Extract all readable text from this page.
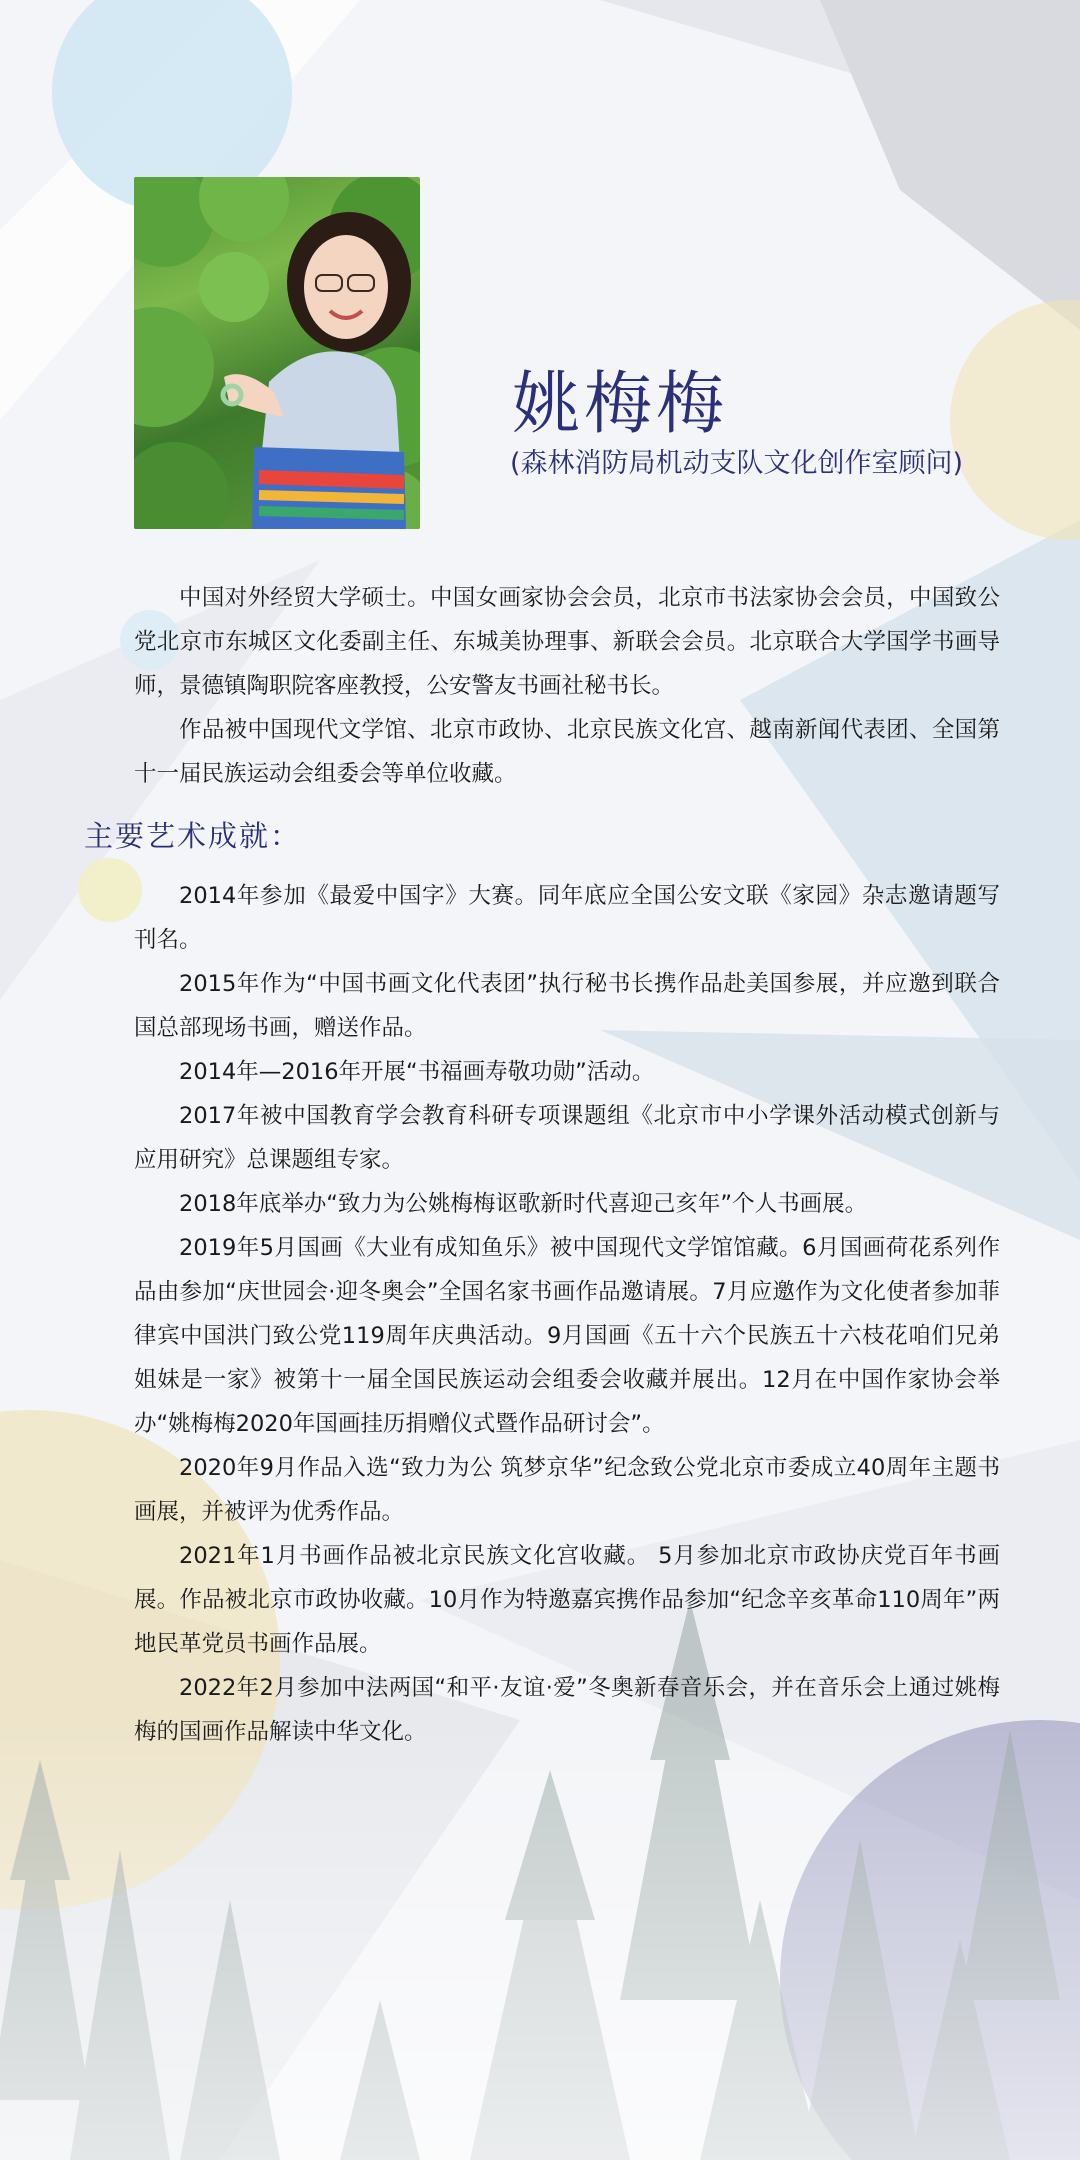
姚梅梅
(森林消防局机动支队文化创作室顾问)

中国对外经贸大学硕士。中国女画家协会会员，北京市书法家协会会员，中国致公党北京市东城区文化委副主任、东城美协理事、新联会会员。北京联合大学国学书画导师，景德镇陶职院客座教授，公安警友书画社秘书长。

作品被中国现代文学馆、北京市政协、北京民族文化宫、越南新闻代表团、全国第十一届民族运动会组委会等单位收藏。

主要艺术成就：

2014年参加《最爱中国字》大赛。同年底应全国公安文联《家园》杂志邀请题写刊名。

2015年作为“中国书画文化代表团”执行秘书长携作品赴美国参展，并应邀到联合国总部现场书画，赠送作品。

2014年—2016年开展“书福画寿敬功勋”活动。

2017年被中国教育学会教育科研专项课题组《北京市中小学课外活动模式创新与应用研究》总课题组专家。

2018年底举办“致力为公姚梅梅讴歌新时代喜迎己亥年”个人书画展。

2019年5月国画《大业有成知鱼乐》被中国现代文学馆馆藏。6月国画荷花系列作品由参加“庆世园会·迎冬奥会”全国名家书画作品邀请展。7月应邀作为文化使者参加菲律宾中国洪门致公党119周年庆典活动。9月国画《五十六个民族五十六枝花咱们兄弟姐妹是一家》被第十一届全国民族运动会组委会收藏并展出。12月在中国作家协会举办“姚梅梅2020年国画挂历捐赠仪式暨作品研讨会”。

2020年9月作品入选“致力为公 筑梦京华”纪念致公党北京市委成立40周年主题书画展，并被评为优秀作品。

2021年1月书画作品被北京民族文化宫收藏。 5月参加北京市政协庆党百年书画展。作品被北京市政协收藏。10月作为特邀嘉宾携作品参加“纪念辛亥革命110周年”两地民革党员书画作品展。

2022年2月参加中法两国“和平·友谊·爱”冬奥新春音乐会，并在音乐会上通过姚梅梅的国画作品解读中华文化。
